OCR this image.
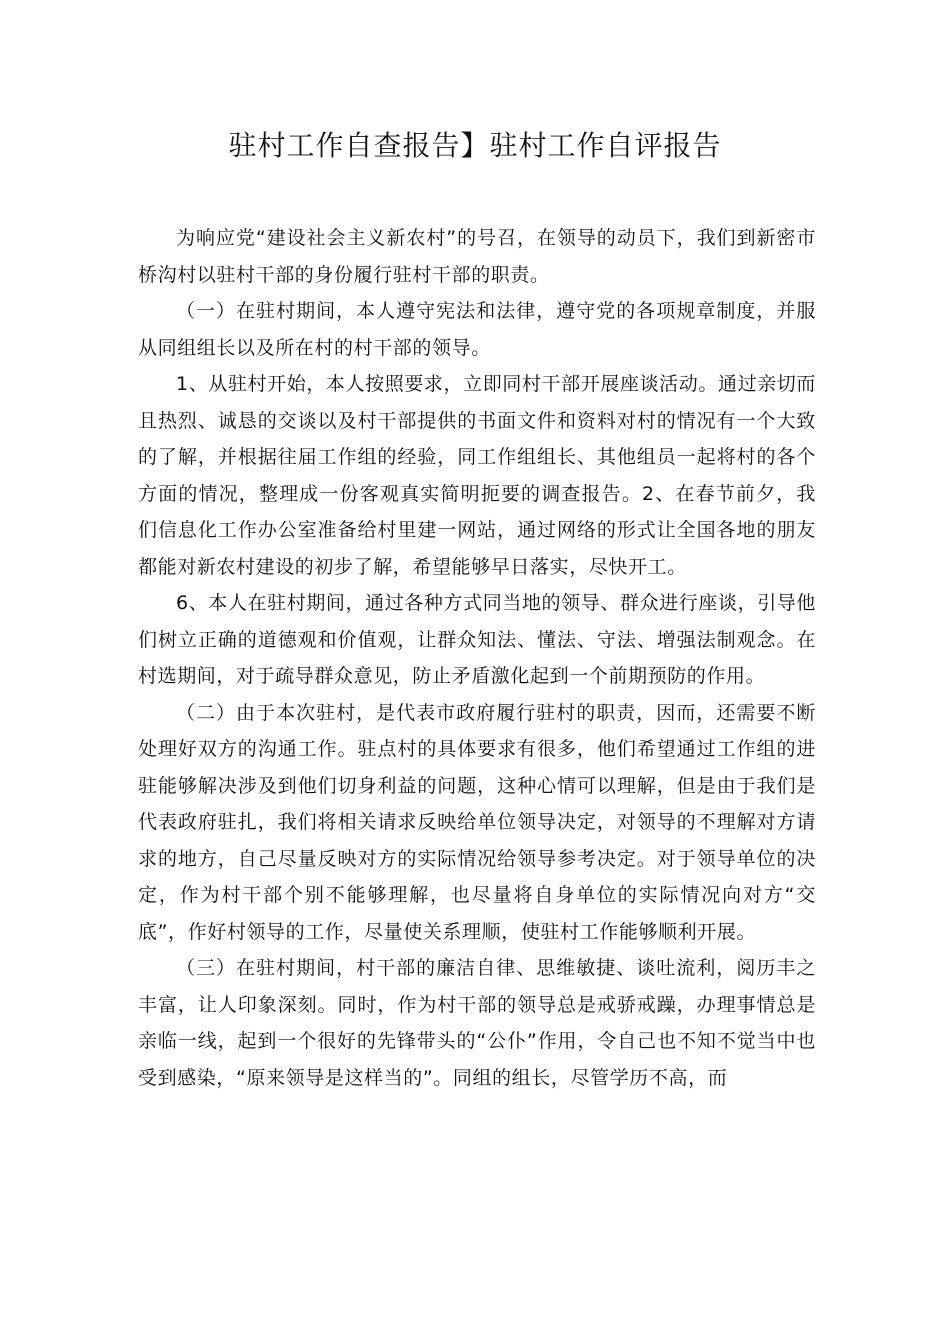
驻村工作自查报告】驻村工作自评报告

为响应党“建设社会主义新农村”的号召，在领导的动员下，我们到新密市桥沟村以驻村干部的身份履行驻村干部的职责。

（一）在驻村期间，本人遵守宪法和法律，遵守党的各项规章制度，并服从同组组长以及所在村的村干部的领导。

1、从驻村开始，本人按照要求，立即同村干部开展座谈活动。通过亲切而且热烈、诚恳的交谈以及村干部提供的书面文件和资料对村的情况有一个大致的了解，并根据往届工作组的经验，同工作组组长、其他组员一起将村的各个方面的情况，整理成一份客观真实简明扼要的调查报告。2、在春节前夕，我们信息化工作办公室准备给村里建一网站，通过网络的形式让全国各地的朋友都能对新农村建设的初步了解，希望能够早日落实，尽快开工。

6、本人在驻村期间，通过各种方式同当地的领导、群众进行座谈，引导他们树立正确的道德观和价值观，让群众知法、懂法、守法、增强法制观念。在村选期间，对于疏导群众意见，防止矛盾激化起到一个前期预防的作用。

（二）由于本次驻村，是代表市政府履行驻村的职责，因而，还需要不断处理好双方的沟通工作。驻点村的具体要求有很多，他们希望通过工作组的进驻能够解决涉及到他们切身利益的问题，这种心情可以理解，但是由于我们是代表政府驻扎，我们将相关请求反映给单位领导决定，对领导的不理解对方请求的地方，自己尽量反映对方的实际情况给领导参考决定。对于领导单位的决定，作为村干部个别不能够理解，也尽量将自身单位的实际情况向对方“交底”，作好村领导的工作，尽量使关系理顺，使驻村工作能够顺利开展。

（三）在驻村期间，村干部的廉洁自律、思维敏捷、谈吐流利，阅历丰之丰富，让人印象深刻。同时，作为村干部的领导总是戒骄戒躁，办理事情总是亲临一线，起到一个很好的先锋带头的“公仆”作用，令自己也不知不觉当中也受到感染，“原来领导是这样当的”。同组的组长，尽管学历不高，而
